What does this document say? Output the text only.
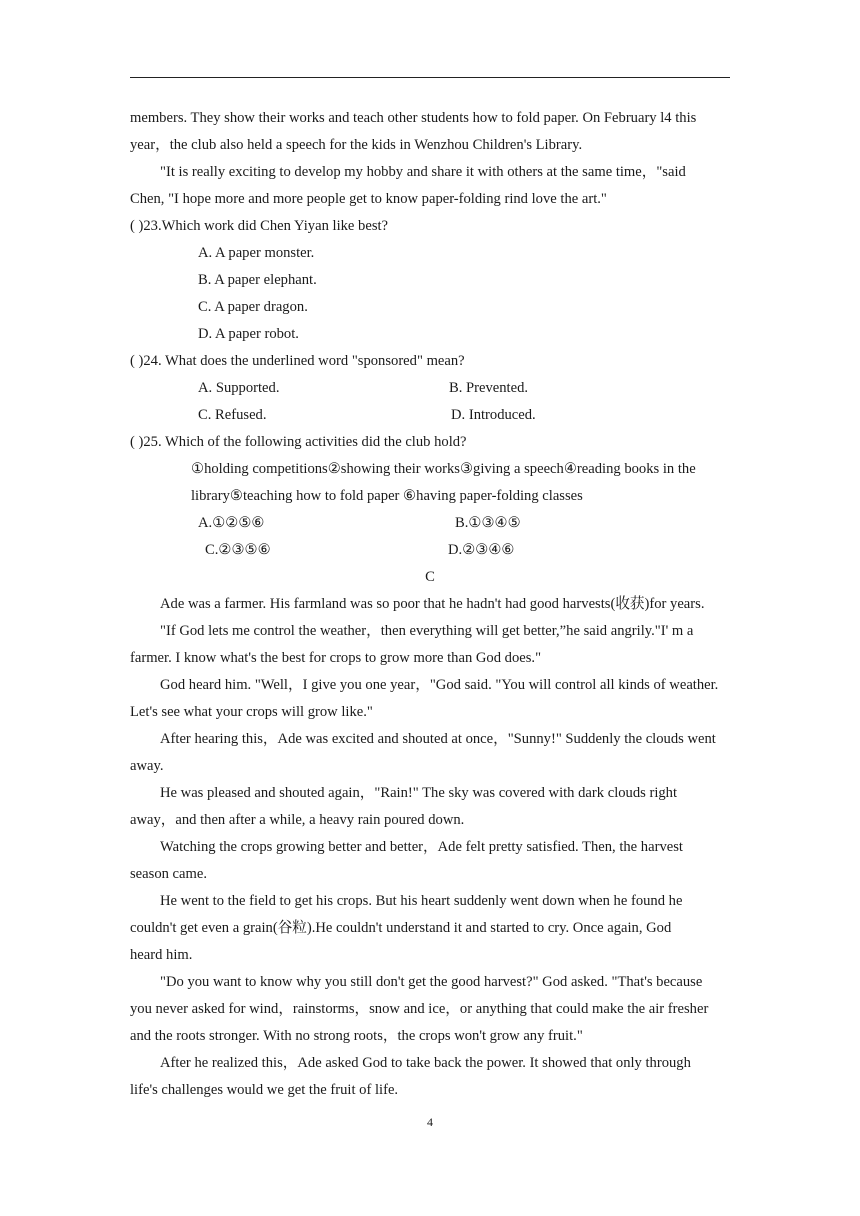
members. They show their works and teach other students how to fold paper. On February l4 this
year，the club also held a speech for the kids in Wenzhou Children's Library.
"It is really exciting to develop my hobby and share it with others at the same time，"said
Chen, "I hope more and more people get to know paper-folding rind love the art."
( )23.Which work did Chen Yiyan like best?
A. A paper monster.
B. A paper elephant.
C. A paper dragon.
D. A paper robot.
( )24. What does the underlined word "sponsored" mean?
A. Supported.	B. Prevented.
C. Refused.	D. Introduced.
( )25. Which of the following activities did the club hold?
①holding competitions②showing their works③giving a speech④reading books in the
library⑤teaching how to fold paper ⑥having paper-folding classes
A.①②⑤⑥	B.①③④⑤
C.②③⑤⑥	D.②③④⑥
C
Ade was a farmer. His farmland was so poor that he hadn't had good harvests(收获)for years.
"If God lets me control the weather，then everything will get better,”he said angrily."I' m a
farmer. I know what's the best for crops to grow more than God does."
God heard him. "Well，I give you one year，"God said. "You will control all kinds of weather.
Let's see what your crops will grow like."
After hearing this，Ade was excited and shouted at once，"Sunny!" Suddenly the clouds went
away.
He was pleased and shouted again，"Rain!" The sky was covered with dark clouds right
away，and then after a while, a heavy rain poured down.
Watching the crops growing better and better，Ade felt pretty satisfied. Then, the harvest
season came.
He went to the field to get his crops. But his heart suddenly went down when he found he
couldn't get even a grain(谷粒).He couldn't understand it and started to cry. Once again, God
heard him.
"Do you want to know why you still don't get the good harvest?" God asked. "That's because
you never asked for wind，rainstorms，snow and ice，or anything that could make the air fresher
and the roots stronger. With no strong roots，the crops won't grow any fruit."
After he realized this，Ade asked God to take back the power. It showed that only through
life's challenges would we get the fruit of life.
4
